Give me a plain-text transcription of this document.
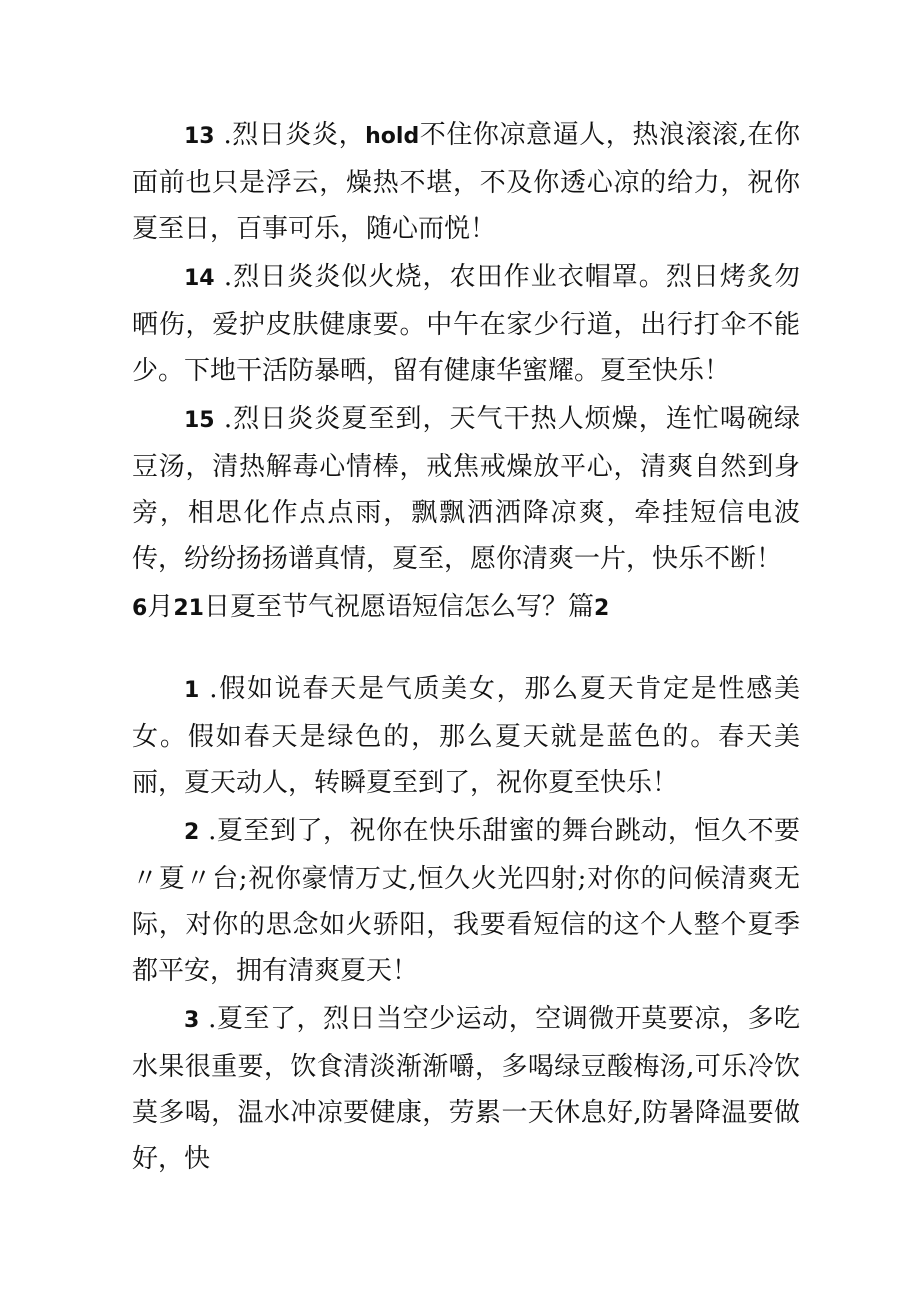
13 .烈日炎炎，hold不住你凉意逼人，热浪滚滚,在你面前也只是浮云，燥热不堪，不及你透心凉的给力，祝你夏至日，百事可乐，随心而悦！

14 .烈日炎炎似火烧，农田作业衣帽罩。烈日烤炙勿晒伤，爱护皮肤健康要。中午在家少行道，出行打伞不能少。下地干活防暴晒，留有健康华蜜耀。夏至快乐！

15 .烈日炎炎夏至到，天气干热人烦燥，连忙喝碗绿豆汤，清热解毒心情棒，戒焦戒燥放平心，清爽自然到身旁，相思化作点点雨，飘飘洒洒降凉爽，牵挂短信电波传，纷纷扬扬谱真情，夏至，愿你清爽一片，快乐不断！

6月21日夏至节气祝愿语短信怎么写？篇2

1 .假如说春天是气质美女，那么夏天肯定是性感美女。假如春天是绿色的，那么夏天就是蓝色的。春天美丽，夏天动人，转瞬夏至到了，祝你夏至快乐！

2 .夏至到了，祝你在快乐甜蜜的舞台跳动，恒久不要〃夏〃台;祝你豪情万丈,恒久火光四射;对你的问候清爽无际，对你的思念如火骄阳，我要看短信的这个人整个夏季都平安，拥有清爽夏天！

3 .夏至了，烈日当空少运动，空调微开莫要凉，多吃水果很重要，饮食清淡渐渐嚼，多喝绿豆酸梅汤,可乐冷饮莫多喝，温水冲凉要健康，劳累一天休息好,防暑降温要做好，快
